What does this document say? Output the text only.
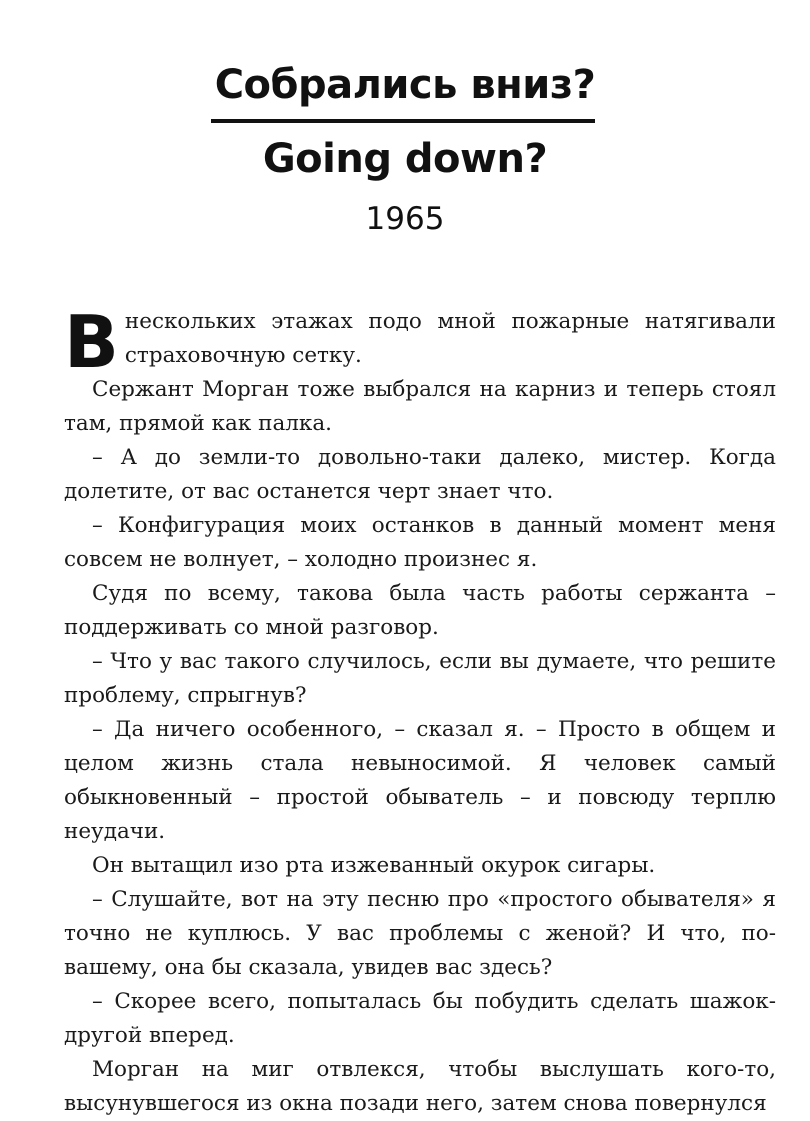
Собрались вниз?
Going down?
1965

Внескольких этажах подо мной пожарные натягивали страховочную сетку.

Сержант Морган тоже выбрался на карниз и теперь стоял там, прямой как палка.

– А до земли-то довольно-таки далеко, мистер. Когда долетите, от вас останется черт знает что.

– Конфигурация моих останков в данный момент меня совсем не волнует, – холодно произнес я.

Судя по всему, такова была часть работы сержанта – поддерживать со мной разговор.

– Что у вас такого случилось, если вы думаете, что решите проблему, спрыгнув?

– Да ничего особенного, – сказал я. – Просто в общем и целом жизнь стала невыносимой. Я человек самый обыкновенный – простой обыватель – и повсюду терплю неудачи.

Он вытащил изо рта изжеванный окурок сигары.

– Слушайте, вот на эту песню про «простого обывателя» я точно не куплюсь. У вас проблемы с женой? И что, по-вашему, она бы сказала, увидев вас здесь?

– Скорее всего, попыталась бы побудить сделать шажок-другой вперед.

Морган на миг отвлекся, чтобы выслушать кого-то, высунувшегося из окна позади него, затем снова повернулся
